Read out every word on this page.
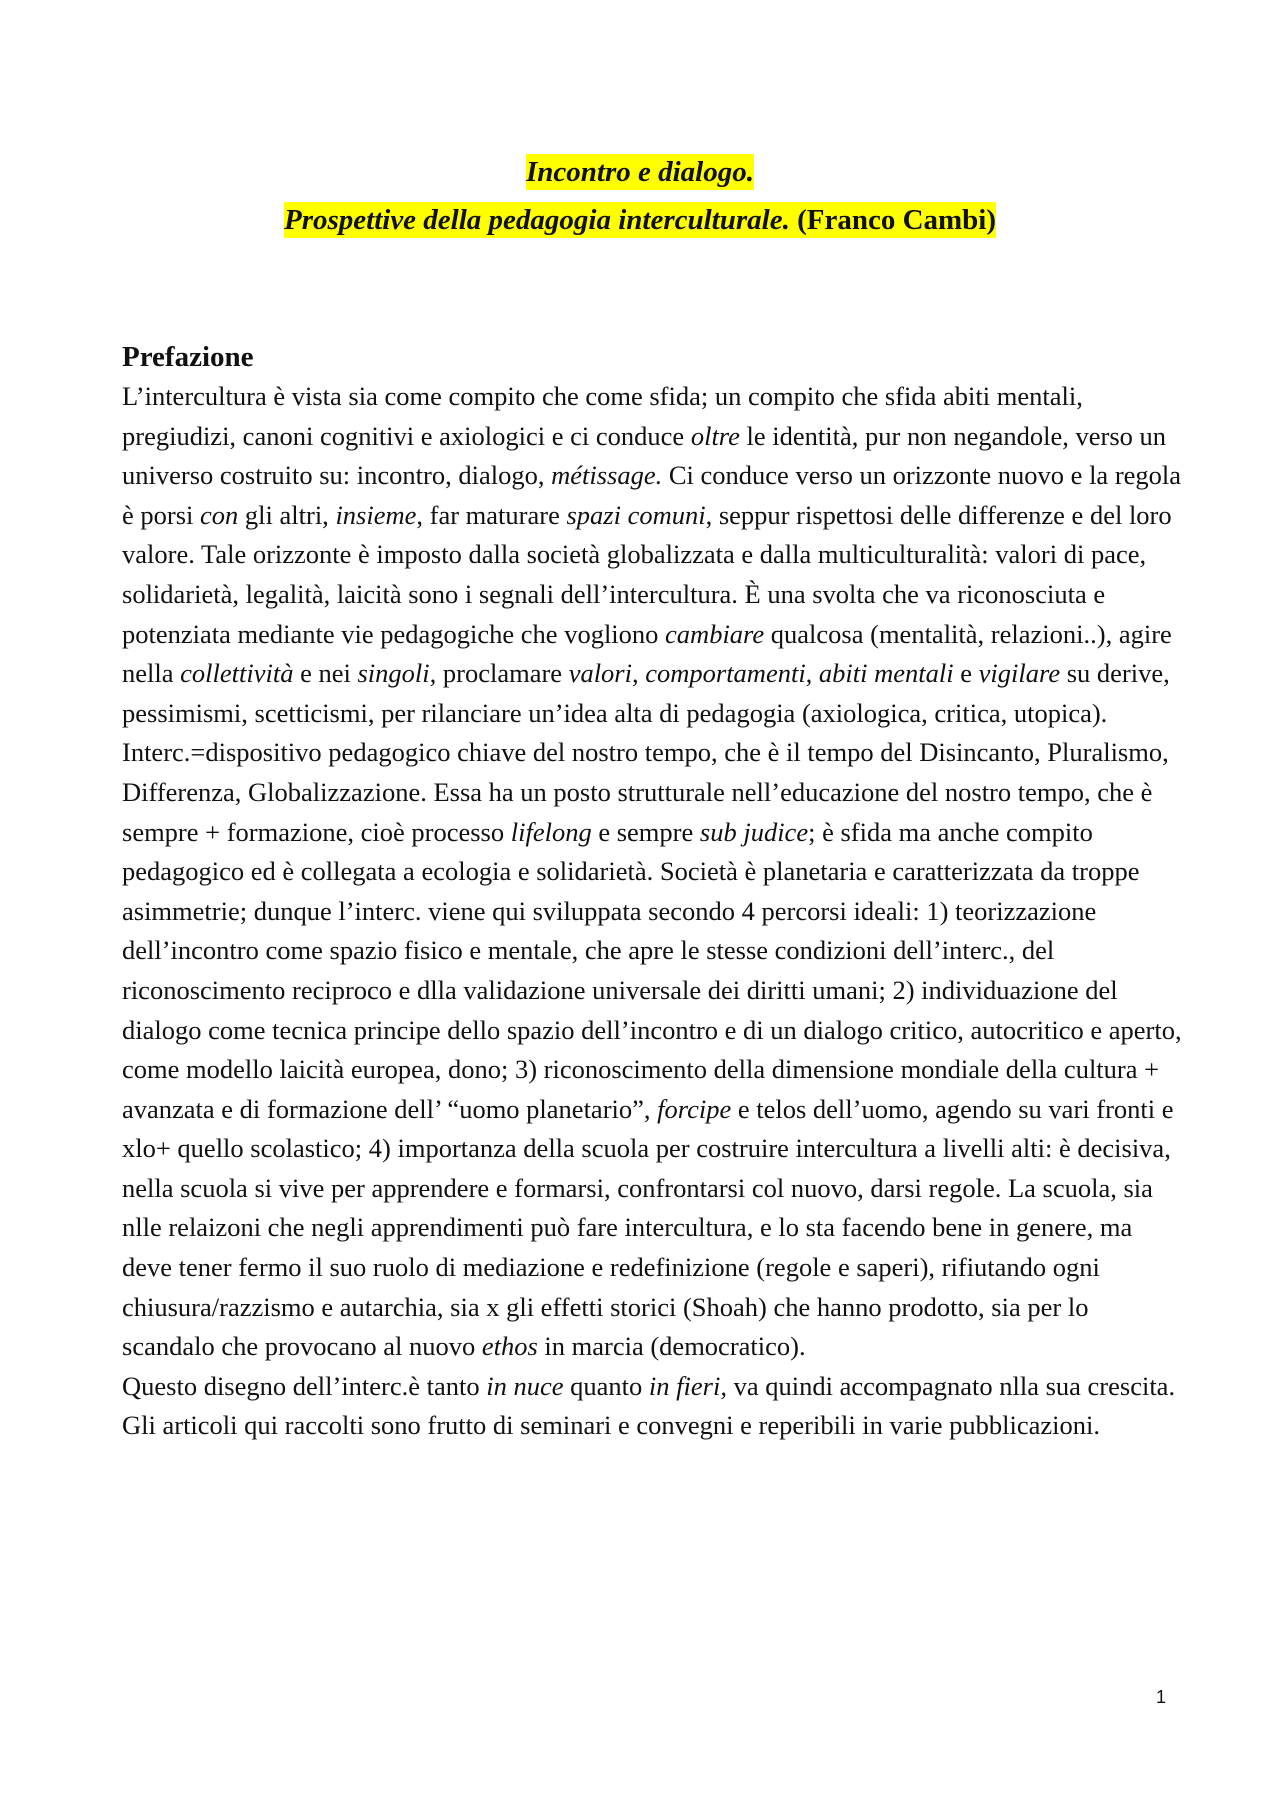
Incontro e dialogo.

Prospettive della pedagogia interculturale. (Franco Cambi)

Prefazione

L’intercultura è vista sia come compito che come sfida; un compito che sfida abiti mentali, pregiudizi, canoni cognitivi e axiologici e ci conduce oltre le identità, pur non negandole, verso un universo costruito su: incontro, dialogo, métissage. Ci conduce verso un orizzonte nuovo e la regola è porsi con gli altri, insieme, far maturare spazi comuni, seppur rispettosi delle differenze e del loro valore. Tale orizzonte è imposto dalla società globalizzata e dalla multiculturalità: valori di pace, solidarietà, legalità, laicità sono i segnali dell’intercultura. È una svolta che va riconosciuta e potenziata mediante vie pedagogiche che vogliono cambiare qualcosa (mentalità, relazioni..), agire nella collettività e nei singoli, proclamare valori, comportamenti, abiti mentali e vigilare su derive, pessimismi, scetticismi, per rilanciare un’idea alta di pedagogia (axiologica, critica, utopica). Interc.=dispositivo pedagogico chiave del nostro tempo, che è il tempo del Disincanto, Pluralismo, Differenza, Globalizzazione. Essa ha un posto strutturale nell’educazione del nostro tempo, che è sempre + formazione, cioè processo lifelong e sempre sub judice; è sfida ma anche compito pedagogico ed è collegata a ecologia e solidarietà. Società è planetaria e caratterizzata da troppe asimmetrie; dunque l’interc. viene qui sviluppata secondo 4 percorsi ideali: 1) teorizzazione dell’incontro come spazio fisico e mentale, che apre le stesse condizioni dell’interc., del riconoscimento reciproco e dlla validazione universale dei diritti umani; 2) individuazione del dialogo come tecnica principe dello spazio dell’incontro e di un dialogo critico, autocritico e aperto, come modello laicità europea, dono; 3) riconoscimento della dimensione mondiale della cultura + avanzata e di formazione dell’ “uomo planetario”, forcipe e telos dell’uomo, agendo su vari fronti e xlo+ quello scolastico; 4) importanza della scuola per costruire intercultura a livelli alti: è decisiva, nella scuola si vive per apprendere e formarsi, confrontarsi col nuovo, darsi regole. La scuola, sia nlle relaizoni che negli apprendimenti può fare intercultura, e lo sta facendo bene in genere, ma deve tener fermo il suo ruolo di mediazione e redefinizione (regole e saperi), rifiutando ogni chiusura/razzismo e autarchia, sia x gli effetti storici (Shoah) che hanno prodotto, sia per lo scandalo che provocano al nuovo ethos in marcia (democratico).

Questo disegno dell’interc.è tanto in nuce quanto in fieri, va quindi accompagnato nlla sua crescita. Gli articoli qui raccolti sono frutto di seminari e convegni e reperibili in varie pubblicazioni.

1
